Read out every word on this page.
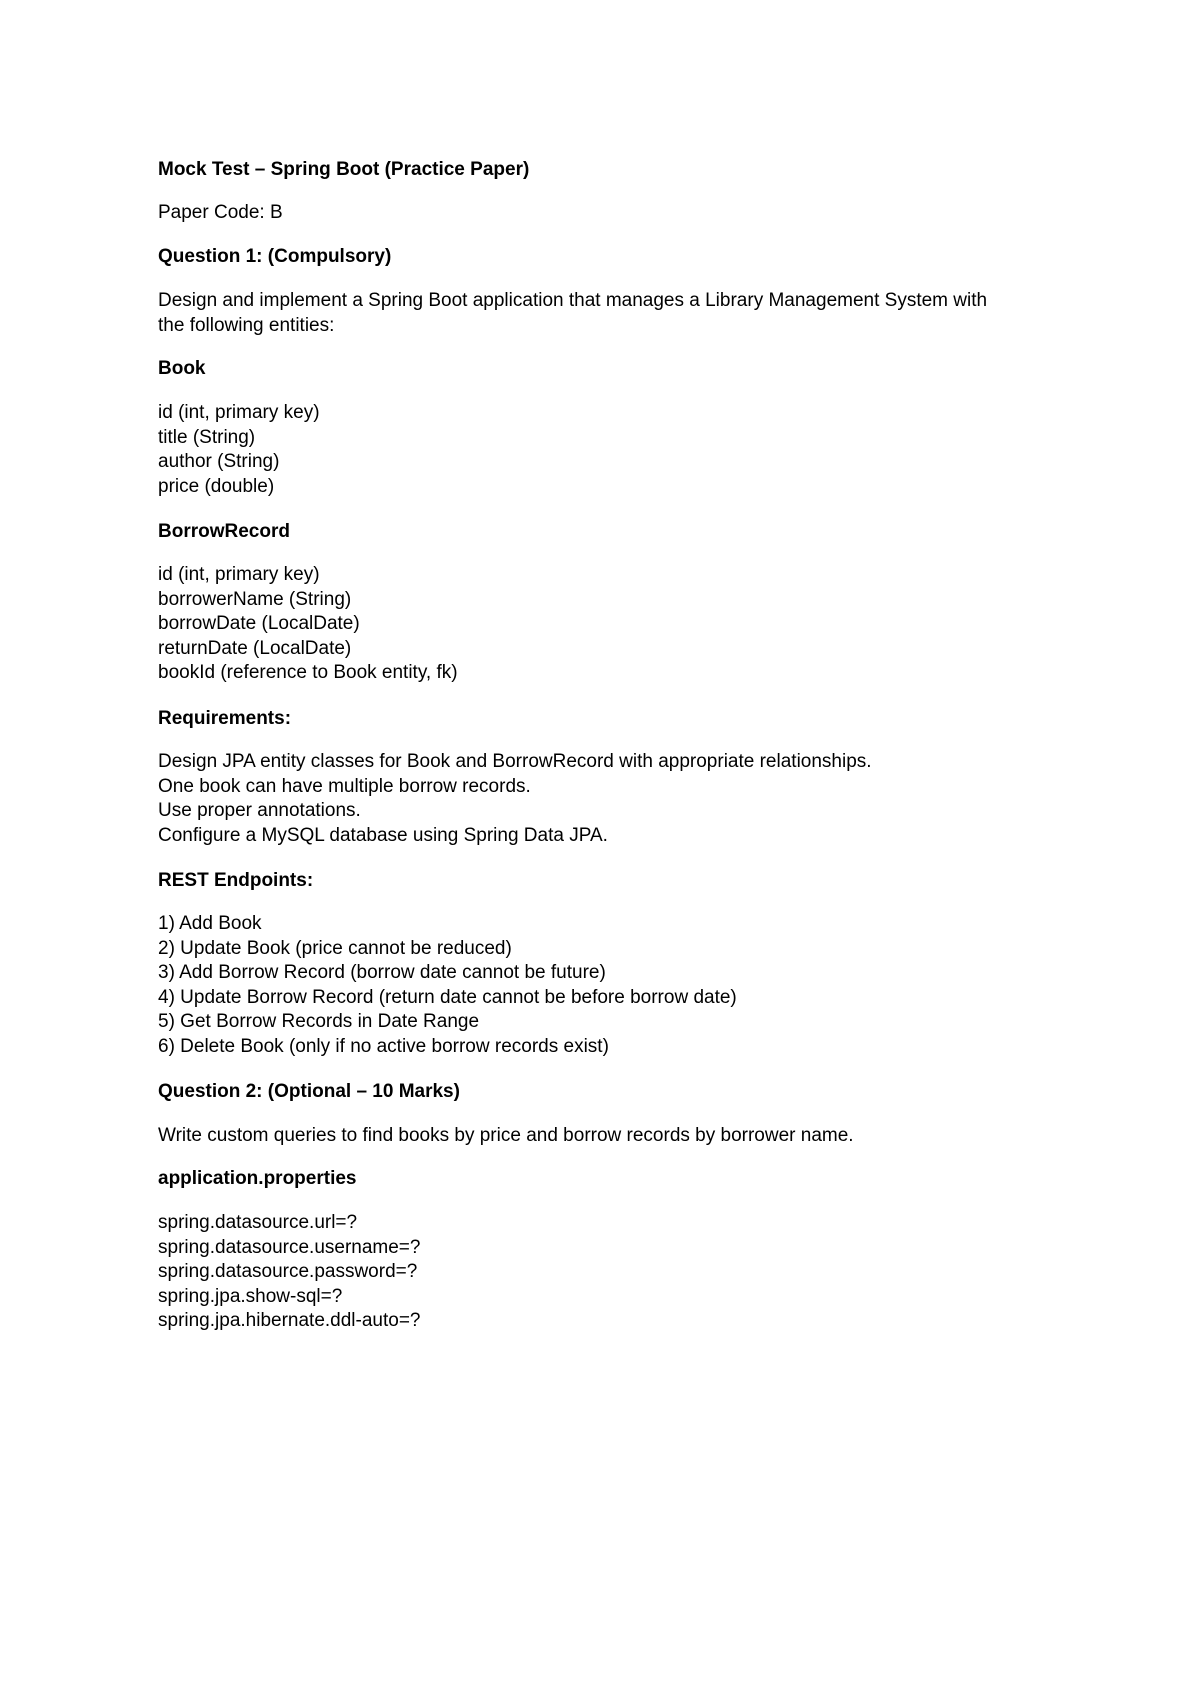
Mock Test – Spring Boot (Practice Paper)
Paper Code: B
Question 1: (Compulsory)
Design and implement a Spring Boot application that manages a Library Management System with
the following entities:
Book
id (int, primary key)
title (String)
author (String)
price (double)
BorrowRecord
id (int, primary key)
borrowerName (String)
borrowDate (LocalDate)
returnDate (LocalDate)
bookId (reference to Book entity, fk)
Requirements:
Design JPA entity classes for Book and BorrowRecord with appropriate relationships.
One book can have multiple borrow records.
Use proper annotations.
Configure a MySQL database using Spring Data JPA.
REST Endpoints:
1) Add Book
2) Update Book (price cannot be reduced)
3) Add Borrow Record (borrow date cannot be future)
4) Update Borrow Record (return date cannot be before borrow date)
5) Get Borrow Records in Date Range
6) Delete Book (only if no active borrow records exist)
Question 2: (Optional – 10 Marks)
Write custom queries to find books by price and borrow records by borrower name.
application.properties
spring.datasource.url=?
spring.datasource.username=?
spring.datasource.password=?
spring.jpa.show-sql=?
spring.jpa.hibernate.ddl-auto=?
